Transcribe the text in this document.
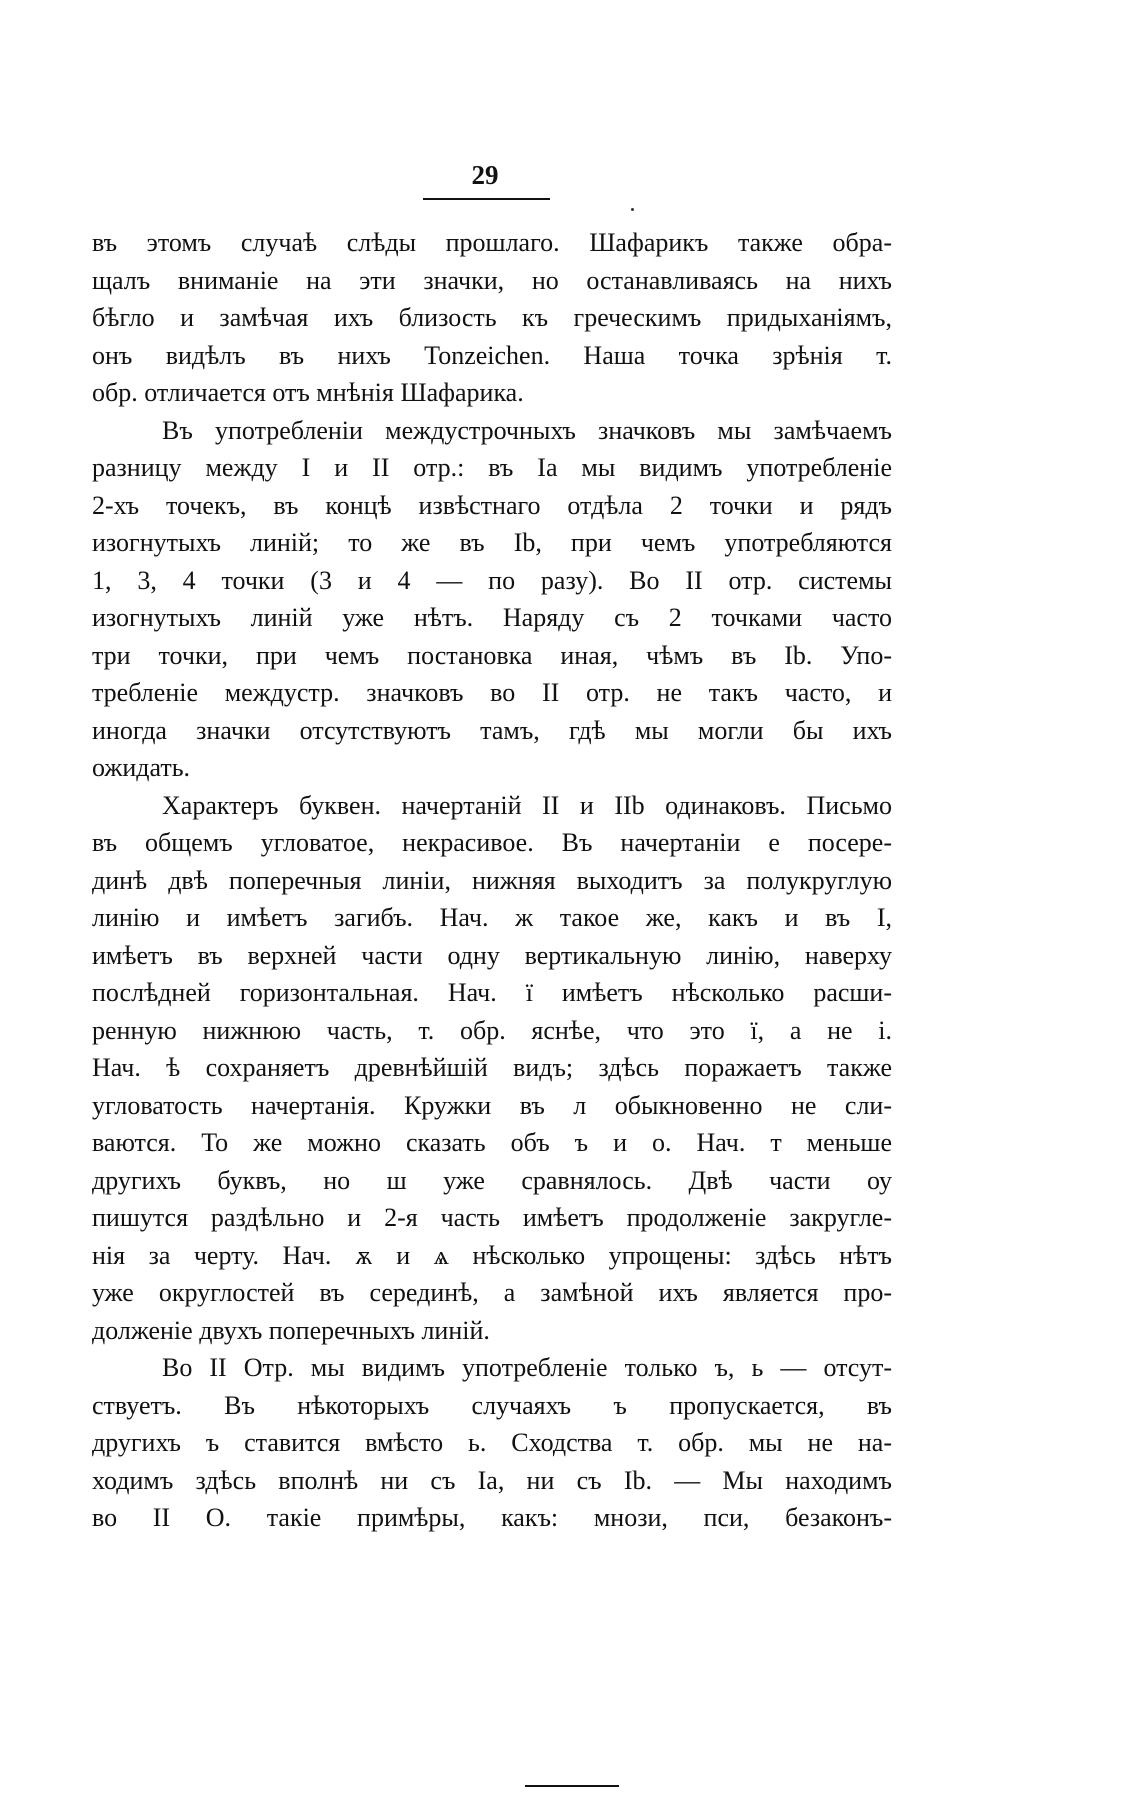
29
въ этомъ случаѣ слѣды прошлаго. Шафарикъ также обра-
щалъ вниманіе на эти значки, но останавливаясь на нихъ
бѣгло и замѣчая ихъ близость къ греческимъ придыханіямъ,
онъ видѣлъ въ нихъ Tonzeichen. Наша точка зрѣнія т.
обр. отличается отъ мнѣнія Шафарика.
Въ употребленіи междустрочныхъ значковъ мы замѣчаемъ
разницу между I и II отр.: въ Ia мы видимъ употребленіе
2-хъ точекъ, въ концѣ извѣстнаго отдѣла 2 точки и рядъ
изогнутыхъ линій; то же въ Ib, при чемъ употребляются
1, 3, 4 точки (3 и 4 — по разу). Во II отр. системы
изогнутыхъ линій уже нѣтъ. Наряду съ 2 точками часто
три точки, при чемъ постановка иная, чѣмъ въ Ib. Упо-
требленіе междустр. значковъ во II отр. не такъ часто, и
иногда значки отсутствуютъ тамъ, гдѣ мы могли бы ихъ
ожидать.
Характеръ буквен. начертаній II и IIb одинаковъ. Письмо
въ общемъ угловатое, некрасивое. Въ начертаніи е посере-
динѣ двѣ поперечныя линіи, нижняя выходитъ за полукруглую
линію и имѣетъ загибъ. Нач. ж такое же, какъ и въ I,
имѣетъ въ верхней части одну вертикальную линію, наверху
послѣдней горизонтальная. Нач. ї имѣетъ нѣсколько расши-
ренную нижнюю часть, т. обр. яснѣе, что это ї, а не і.
Нач. ѣ сохраняетъ древнѣйшій видъ; здѣсь поражаетъ также
угловатость начертанія. Кружки въ л обыкновенно не сли-
ваются. То же можно сказать объ ъ и о. Нач. т меньше
другихъ буквъ, но ш уже сравнялось. Двѣ части оу
пишутся раздѣльно и 2-я часть имѣетъ продолженіе закругле-
нія за черту. Нач. ѫ и ѧ нѣсколько упрощены: здѣсь нѣтъ
уже округлостей въ серединѣ, а замѣной ихъ является про-
долженіе двухъ поперечныхъ линій.
Во II Отр. мы видимъ употребленіе только ъ, ь — отсут-
ствуетъ. Въ нѣкоторыхъ случаяхъ ъ пропускается, въ
другихъ ъ ставится вмѣсто ь. Сходства т. обр. мы не на-
ходимъ здѣсь вполнѣ ни съ Ia, ни съ Ib. — Мы находимъ
во II О. такіе примѣры, какъ: мнози, пси, безаконъ-
